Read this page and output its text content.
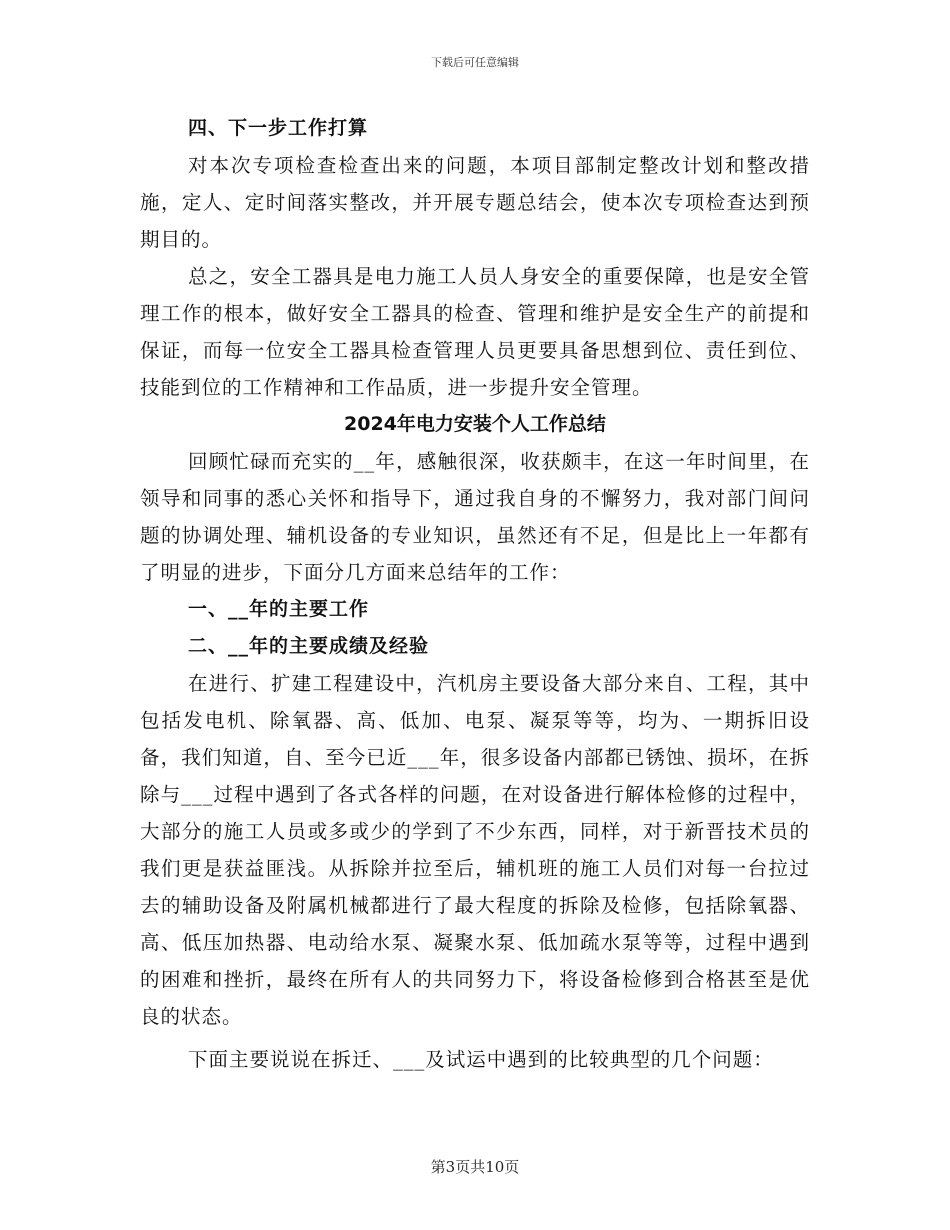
下载后可任意编辑

四、下一步工作打算

对本次专项检查检查出来的问题，本项目部制定整改计划和整改措施，定人、定时间落实整改，并开展专题总结会，使本次专项检查达到预期目的。

总之，安全工器具是电力施工人员人身安全的重要保障，也是安全管理工作的根本，做好安全工器具的检查、管理和维护是安全生产的前提和保证，而每一位安全工器具检查管理人员更要具备思想到位、责任到位、技能到位的工作精神和工作品质，进一步提升安全管理。

2024年电力安装个人工作总结

回顾忙碌而充实的__年，感触很深，收获颇丰，在这一年时间里，在领导和同事的悉心关怀和指导下，通过我自身的不懈努力，我对部门间问题的协调处理、辅机设备的专业知识，虽然还有不足，但是比上一年都有了明显的进步，下面分几方面来总结年的工作：

一、__年的主要工作

二、__年的主要成绩及经验

在进行、扩建工程建设中，汽机房主要设备大部分来自、工程，其中包括发电机、除氧器、高、低加、电泵、凝泵等等，均为、一期拆旧设备，我们知道，自、至今已近___年，很多设备内部都已锈蚀、损坏，在拆除与___过程中遇到了各式各样的问题，在对设备进行解体检修的过程中，大部分的施工人员或多或少的学到了不少东西，同样，对于新晋技术员的我们更是获益匪浅。从拆除并拉至后，辅机班的施工人员们对每一台拉过去的辅助设备及附属机械都进行了最大程度的拆除及检修，包括除氧器、高、低压加热器、电动给水泵、凝聚水泵、低加疏水泵等等，过程中遇到的困难和挫折，最终在所有人的共同努力下，将设备检修到合格甚至是优良的状态。

下面主要说说在拆迁、___及试运中遇到的比较典型的几个问题：

第3页共10页
